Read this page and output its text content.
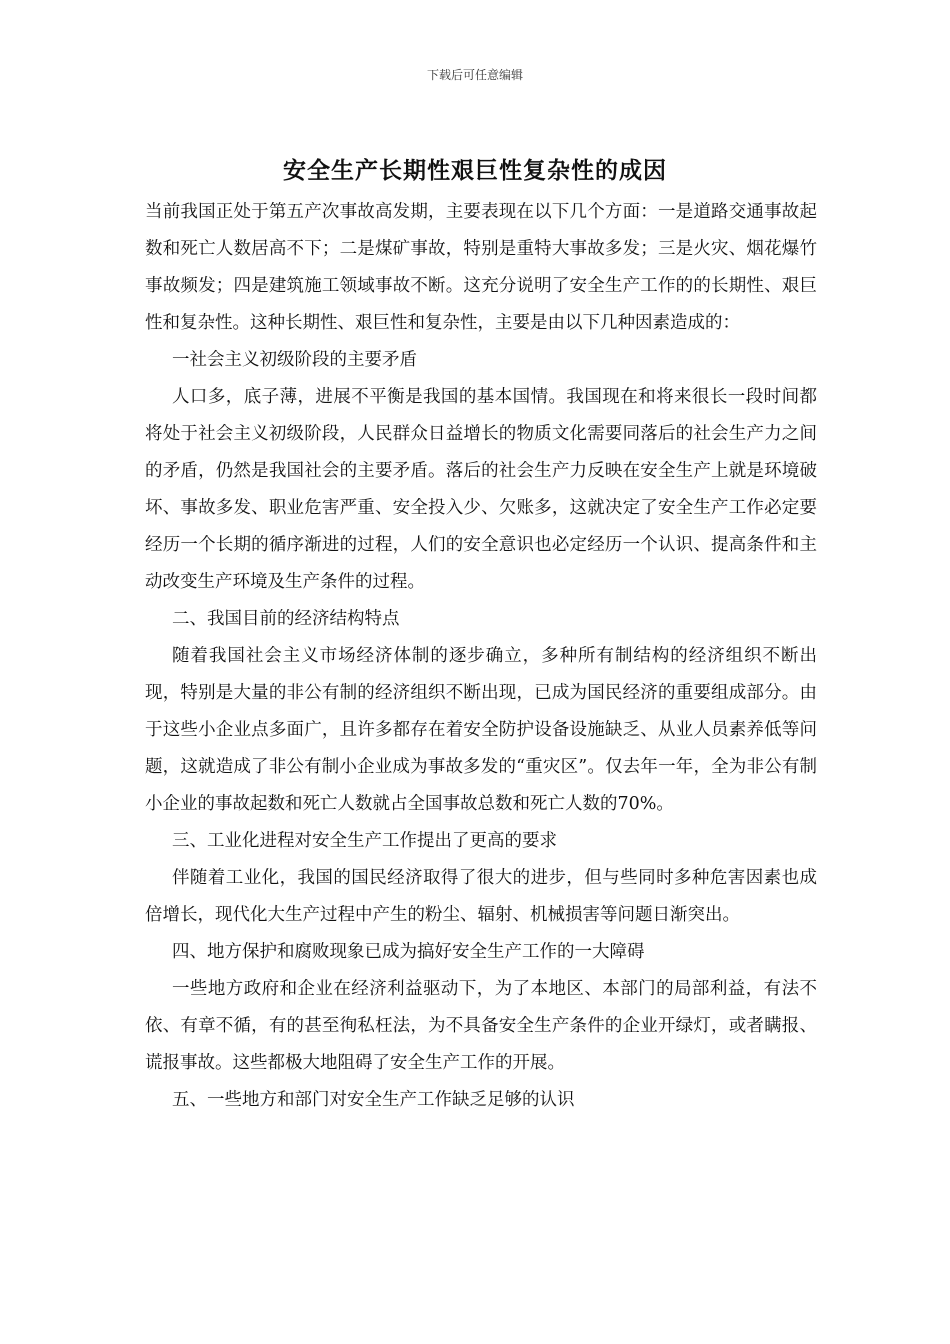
下载后可任意编辑
安全生产长期性艰巨性复杂性的成因

当前我国正处于第五产次事故高发期，主要表现在以下几个方面：一是道路交通事故起数和死亡人数居高不下；二是煤矿事故，特别是重特大事故多发；三是火灾、烟花爆竹事故频发；四是建筑施工领域事故不断。这充分说明了安全生产工作的的长期性、艰巨性和复杂性。这种长期性、艰巨性和复杂性，主要是由以下几种因素造成的：

一社会主义初级阶段的主要矛盾

人口多，底子薄，进展不平衡是我国的基本国情。我国现在和将来很长一段时间都将处于社会主义初级阶段，人民群众日益增长的物质文化需要同落后的社会生产力之间的矛盾，仍然是我国社会的主要矛盾。落后的社会生产力反映在安全生产上就是环境破坏、事故多发、职业危害严重、安全投入少、欠账多，这就决定了安全生产工作必定要经历一个长期的循序渐进的过程，人们的安全意识也必定经历一个认识、提高条件和主动改变生产环境及生产条件的过程。

二、我国目前的经济结构特点

随着我国社会主义市场经济体制的逐步确立，多种所有制结构的经济组织不断出现，特别是大量的非公有制的经济组织不断出现，已成为国民经济的重要组成部分。由于这些小企业点多面广，且许多都存在着安全防护设备设施缺乏、从业人员素养低等问题，这就造成了非公有制小企业成为事故多发的“重灾区”。仅去年一年，全为非公有制小企业的事故起数和死亡人数就占全国事故总数和死亡人数的70%。

三、工业化进程对安全生产工作提出了更高的要求

伴随着工业化，我国的国民经济取得了很大的进步，但与些同时多种危害因素也成倍增长，现代化大生产过程中产生的粉尘、辐射、机械损害等问题日渐突出。

四、地方保护和腐败现象已成为搞好安全生产工作的一大障碍

一些地方政府和企业在经济利益驱动下，为了本地区、本部门的局部利益，有法不依、有章不循，有的甚至徇私枉法，为不具备安全生产条件的企业开绿灯，或者瞒报、谎报事故。这些都极大地阻碍了安全生产工作的开展。

五、一些地方和部门对安全生产工作缺乏足够的认识
